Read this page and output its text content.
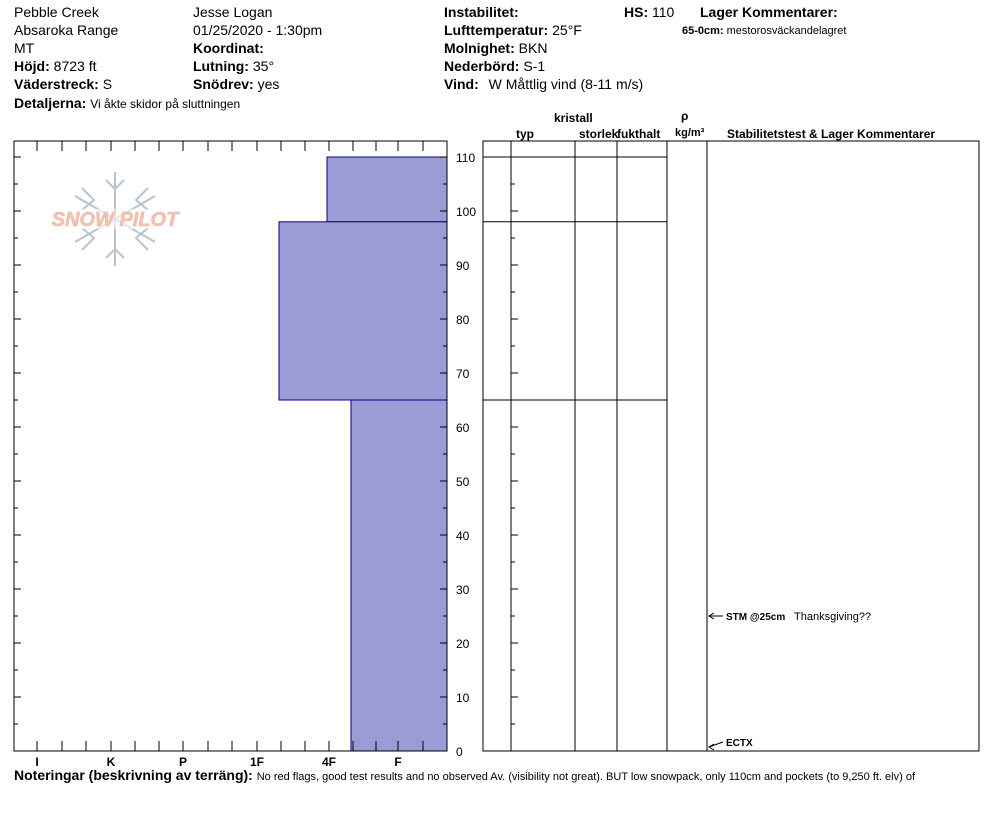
Pebble Creek
Absaroka Range
MT
Höjd: 8723 ft
Väderstreck: S
Detaljerna: Vi åkte skidor på sluttningen
Jesse Logan
01/25/2020 - 1:30pm
Koordinat:
Lutning: 35°
Snödrev: yes
Instabilitet:
Lufttemperatur: 25°F
Molnighet: BKN
Nederbörd: S-1
Vind: W Måttlig vind (8-11 m/s)
HS: 110 Lager Kommentarer:
65-0cm: mestorosväckandelagret
kristall
typ	storlek
fukthalt
ρ
kg/m³ Stabilitetstest & Lager Kommentarer
SNOW PILOT
0
10
20
30
40
50
60
70
80
90
100
110
I	K	P	1F	4F	F
STM @25cm Thanksgiving??
ECTX
Noteringar (beskrivning av terräng): No red flags, good test results and no observed Av. (visibility not great). BUT low snowpack, only 110cm and pockets (to 9,250 ft. elv) of
